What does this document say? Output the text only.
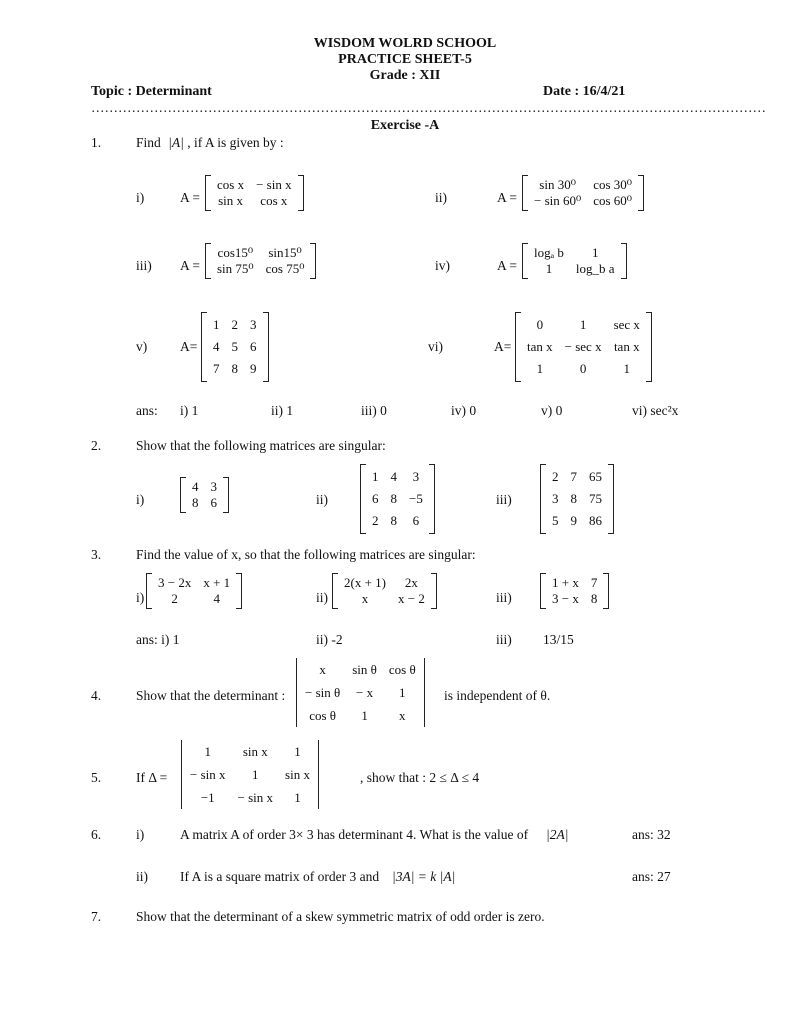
WISDOM WOLRD SCHOOL
PRACTICE SHEET-5
Grade : XII
Topic : Determinant	Date : 16/4/21
……………………………………………………………………………………………………………………………………
Exercise -A
1.	Find |A| , if A is given by :
i)	A =
cos x	− sin x
sin x	cos x	ii)	A =
sin 30⁰	cos 30⁰
− sin 60⁰	cos 60⁰
iii) A =
cos15⁰	sin15⁰
sin 75⁰	cos 75⁰	iv)	A =
logₐ b	1
1	log_b a
v) A=
1	2	3
4	5	6
7	8	9
vi)	A=
0	1	sec x
tan x	− sec x	tan x
1	0	1
ans: i) 1	ii) 1	iii) 0	iv) 0	v) 0	vi) sec²x
2.	Show that the following matrices are singular:
i)
4	3
8	6	ii)
1	4	3
6	8	−5
2	8	6
iii)
2	7	65
3	8	75
5	9	86
3.	Find the value of x, so that the following matrices are singular:
i)
3 − 2x	x + 1
2	4	ii)
2(x + 1)	2x
x	x − 2	iii)
1 + x	7
3 − x	8
ans: i) 1	ii) -2	iii) 13/15
4.	Show that the determinant :
x	sin θ	cos θ
− sin θ	− x	1
cos θ	1	x
is independent of θ.
5.	If Δ =
1	sin x	1
− sin x	1	sin x
−1	− sin x	1
, show that : 2 ≤ Δ ≤ 4
6.	i)	A matrix A of order 3× 3 has determinant 4. What is the value of |2A|	ans: 32
ii) If A is a square matrix of order 3 and |3A| = k |A|	ans: 27
7.	Show that the determinant of a skew symmetric matrix of odd order is zero.
